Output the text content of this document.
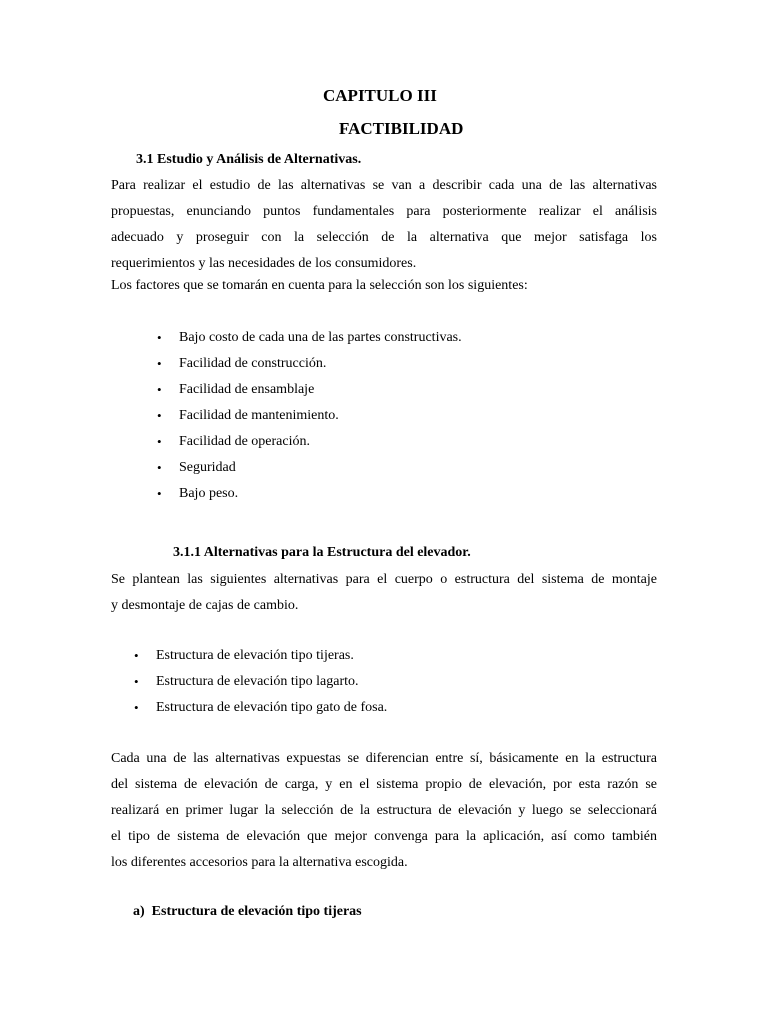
CAPITULO III
FACTIBILIDAD
3.1 Estudio y Análisis de Alternativas.
Para realizar el estudio de las alternativas se van a describir cada una de las alternativas
propuestas, enunciando puntos fundamentales para posteriormente realizar el análisis
adecuado y proseguir con la selección de la alternativa que mejor satisfaga los
requerimientos y las necesidades de los consumidores.
Los factores que se tomarán en cuenta para la selección son los siguientes:
• Bajo costo de cada una de las partes constructivas.
• Facilidad de construcción.
• Facilidad de ensamblaje
• Facilidad de mantenimiento.
• Facilidad de operación.
• Seguridad
• Bajo peso.
3.1.1 Alternativas para la Estructura del elevador.
Se plantean las siguientes alternativas para el cuerpo o estructura del sistema de montaje
y desmontaje de cajas de cambio.
• Estructura de elevación tipo tijeras.
• Estructura de elevación tipo lagarto.
• Estructura de elevación tipo gato de fosa.
Cada una de las alternativas expuestas se diferencian entre sí, básicamente en la estructura
del sistema de elevación de carga, y en el sistema propio de elevación, por esta razón se
realizará en primer lugar la selección de la estructura de elevación y luego se seleccionará
el tipo de sistema de elevación que mejor convenga para la aplicación, así como también
los diferentes accesorios para la alternativa escogida.
a)  Estructura de elevación tipo tijeras
